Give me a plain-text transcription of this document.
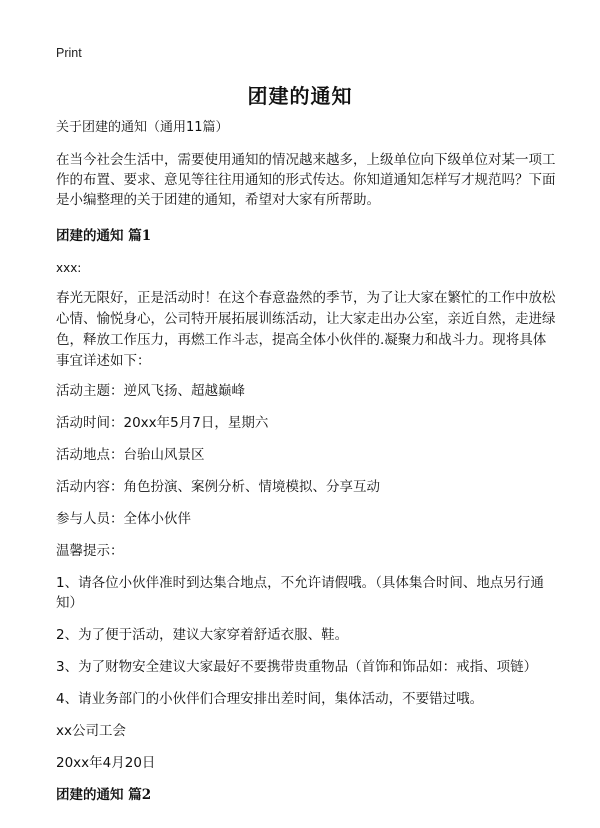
Print
团建的通知

关于团建的通知（通用11篇）

在当今社会生活中，需要使用通知的情况越来越多，上级单位向下级单位对某一项工作的布置、要求、意见等往往用通知的形式传达。你知道通知怎样写才规范吗？下面是小编整理的关于团建的通知，希望对大家有所帮助。

团建的通知 篇1

xxx:

春光无限好，正是活动时！在这个春意盎然的季节，为了让大家在繁忙的工作中放松心情、愉悦身心，公司特开展拓展训练活动，让大家走出办公室，亲近自然，走进绿色，释放工作压力，再燃工作斗志，提高全体小伙伴的.凝聚力和战斗力。现将具体事宜详述如下：

活动主题：逆风飞扬、超越巅峰

活动时间：20xx年5月7日，星期六

活动地点：台骀山风景区

活动内容：角色扮演、案例分析、情境模拟、分享互动

参与人员：全体小伙伴

温馨提示：

1、请各位小伙伴准时到达集合地点，不允许请假哦。（具体集合时间、地点另行通知）

2、为了便于活动，建议大家穿着舒适衣服、鞋。

3、为了财物安全建议大家最好不要携带贵重物品（首饰和饰品如：戒指、项链）

4、请业务部门的小伙伴们合理安排出差时间，集体活动，不要错过哦。

xx公司工会

20xx年4月20日

团建的通知 篇2
